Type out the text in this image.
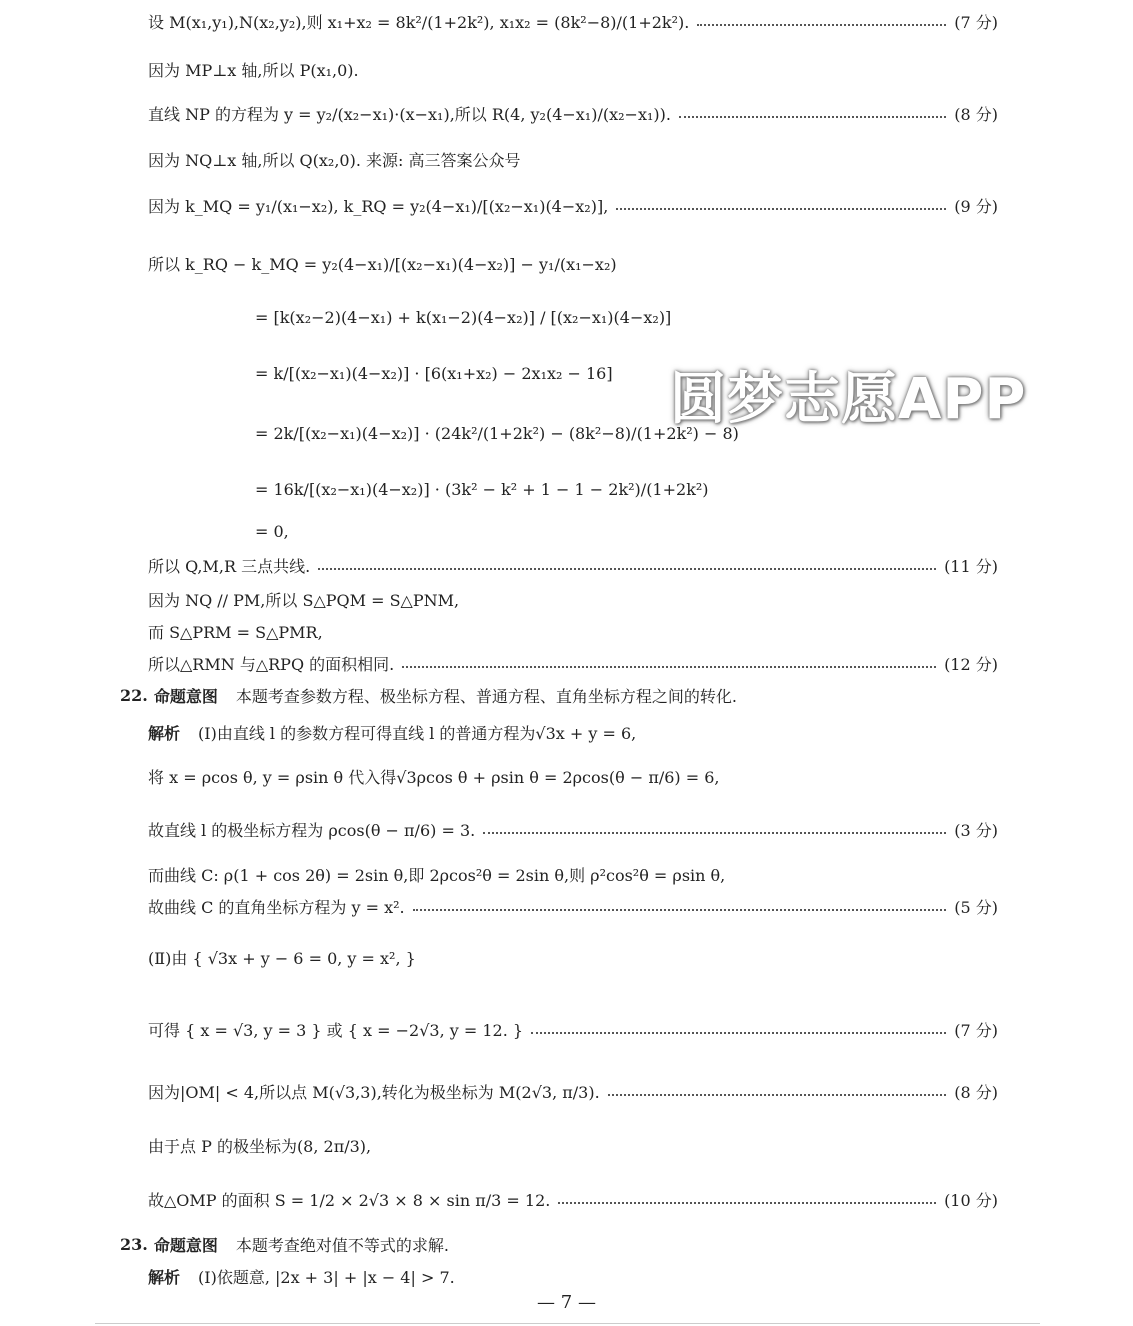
设 M(x₁,y₁),N(x₂,y₂),则 x₁+x₂ = 8k²/(1+2k²), x₁x₂ = (8k²−8)/(1+2k²).	(7 分)
因为 MP⊥x 轴,所以 P(x₁,0).
直线 NP 的方程为 y = y₂/(x₂−x₁)·(x−x₁),所以 R(4, y₂(4−x₁)/(x₂−x₁)).	(8 分)
因为 NQ⊥x 轴,所以 Q(x₂,0). 来源: 高三答案公众号
因为 k_MQ = y₁/(x₁−x₂), k_RQ = y₂(4−x₁)/[(x₂−x₁)(4−x₂)],	(9 分)
所以 k_RQ − k_MQ = y₂(4−x₁)/[(x₂−x₁)(4−x₂)] − y₁/(x₁−x₂)
= [k(x₂−2)(4−x₁) + k(x₁−2)(4−x₂)] / [(x₂−x₁)(4−x₂)]
= k/[(x₂−x₁)(4−x₂)] · [6(x₁+x₂) − 2x₁x₂ − 16]
= 2k/[(x₂−x₁)(4−x₂)] · (24k²/(1+2k²) − (8k²−8)/(1+2k²) − 8)
= 16k/[(x₂−x₁)(4−x₂)] · (3k² − k² + 1 − 1 − 2k²)/(1+2k²)
= 0,
所以 Q,M,R 三点共线.	(11 分)
因为 NQ // PM,所以 S△PQM = S△PNM,
而 S△PRM = S△PMR,
所以△RMN 与△RPQ 的面积相同.	(12 分)
22. 命题意图 本题考查参数方程、极坐标方程、普通方程、直角坐标方程之间的转化.
解析 (Ⅰ)由直线 l 的参数方程可得直线 l 的普通方程为√3x + y = 6,
将 x = ρcos θ, y = ρsin θ 代入得√3ρcos θ + ρsin θ = 2ρcos(θ − π/6) = 6,
故直线 l 的极坐标方程为 ρcos(θ − π/6) = 3.	(3 分)
而曲线 C: ρ(1 + cos 2θ) = 2sin θ,即 2ρcos²θ = 2sin θ,则 ρ²cos²θ = ρsin θ,
故曲线 C 的直角坐标方程为 y = x².	(5 分)
(Ⅱ)由 { √3x + y − 6 = 0, y = x², }
可得 { x = √3, y = 3 } 或 { x = −2√3, y = 12. }	(7 分)
因为|OM| < 4,所以点 M(√3,3),转化为极坐标为 M(2√3, π/3).	(8 分)
由于点 P 的极坐标为(8, 2π/3),
故△OMP 的面积 S = 1/2 × 2√3 × 8 × sin π/3 = 12.	(10 分)
23. 命题意图 本题考查绝对值不等式的求解.
解析 (Ⅰ)依题意, |2x + 3| + |x − 4| > 7.
圆梦志愿APP
— 7 —
